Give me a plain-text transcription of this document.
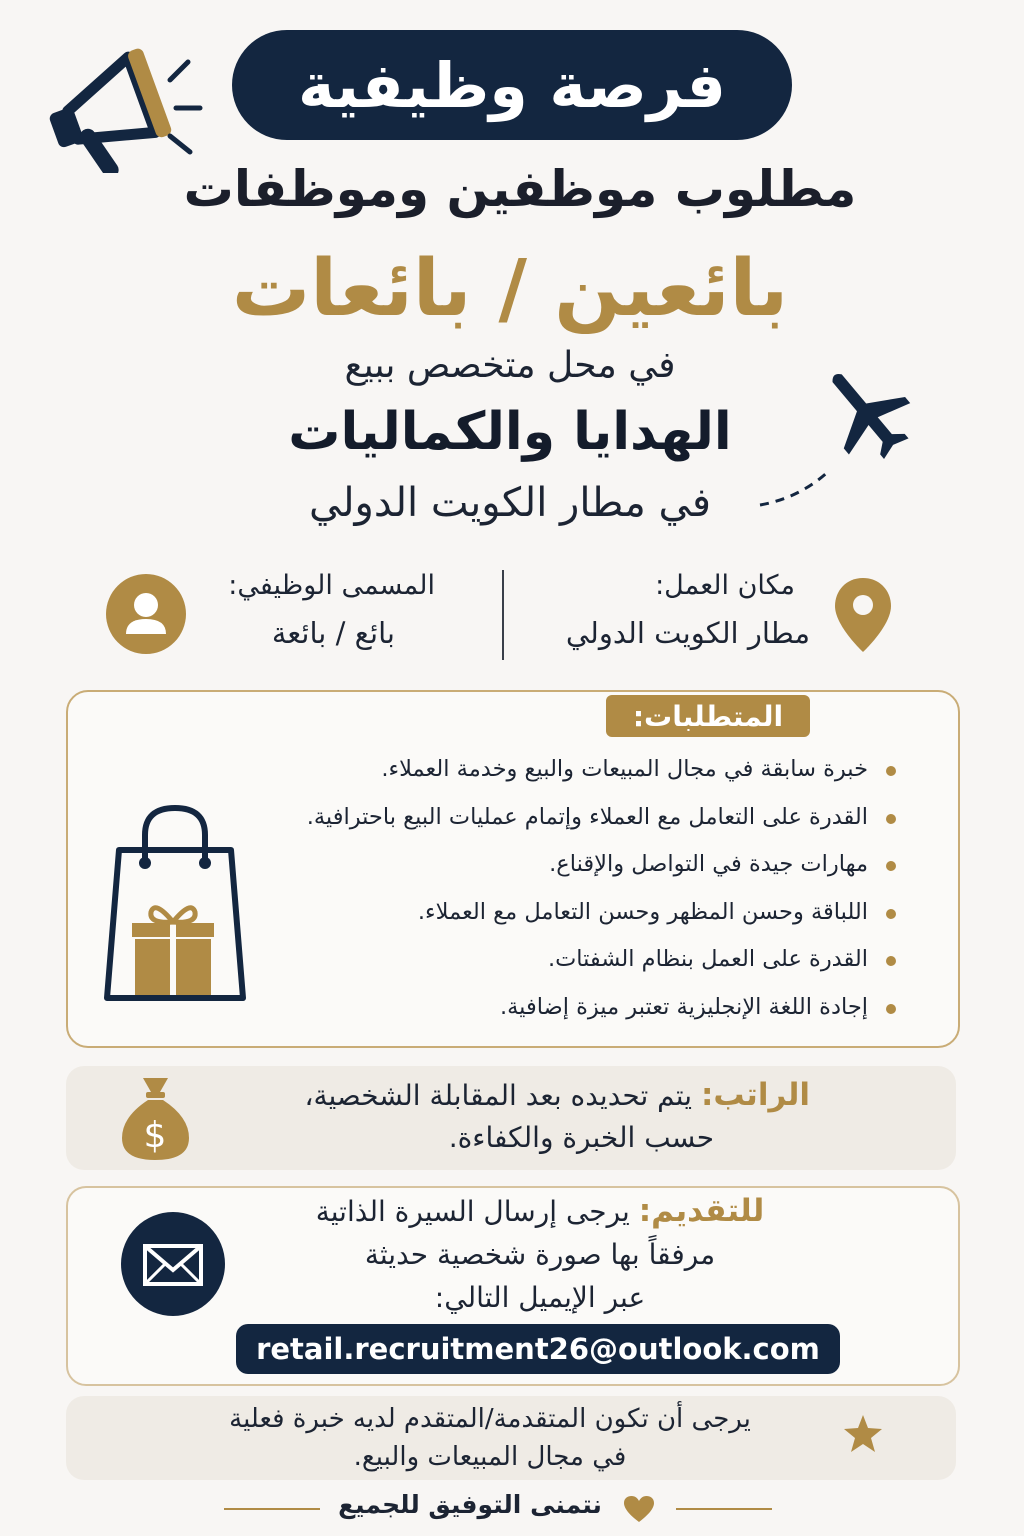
فرصة وظيفية
مطلوب موظفين وموظفات
بائعين / بائعات
في محل متخصص ببيع
الهدايا والكماليات
في مطار الكويت الدولي
المسمى الوظيفي:
بائع / بائعة
مكان العمل:
مطار الكويت الدولي
المتطلبات:
خبرة سابقة في مجال المبيعات والبيع وخدمة العملاء.
القدرة على التعامل مع العملاء وإتمام عمليات البيع باحترافية.
مهارات جيدة في التواصل والإقناع.
اللباقة وحسن المظهر وحسن التعامل مع العملاء.
القدرة على العمل بنظام الشفتات.
إجادة اللغة الإنجليزية تعتبر ميزة إضافية.
الراتب: يتم تحديده بعد المقابلة الشخصية،
حسب الخبرة والكفاءة.
$
للتقديم: يرجى إرسال السيرة الذاتية
مرفقاً بها صورة شخصية حديثة
عبر الإيميل التالي:
retail.recruitment26@outlook.com
يرجى أن تكون المتقدمة/المتقدم لديه خبرة فعلية
في مجال المبيعات والبيع.
نتمنى التوفيق للجميع
